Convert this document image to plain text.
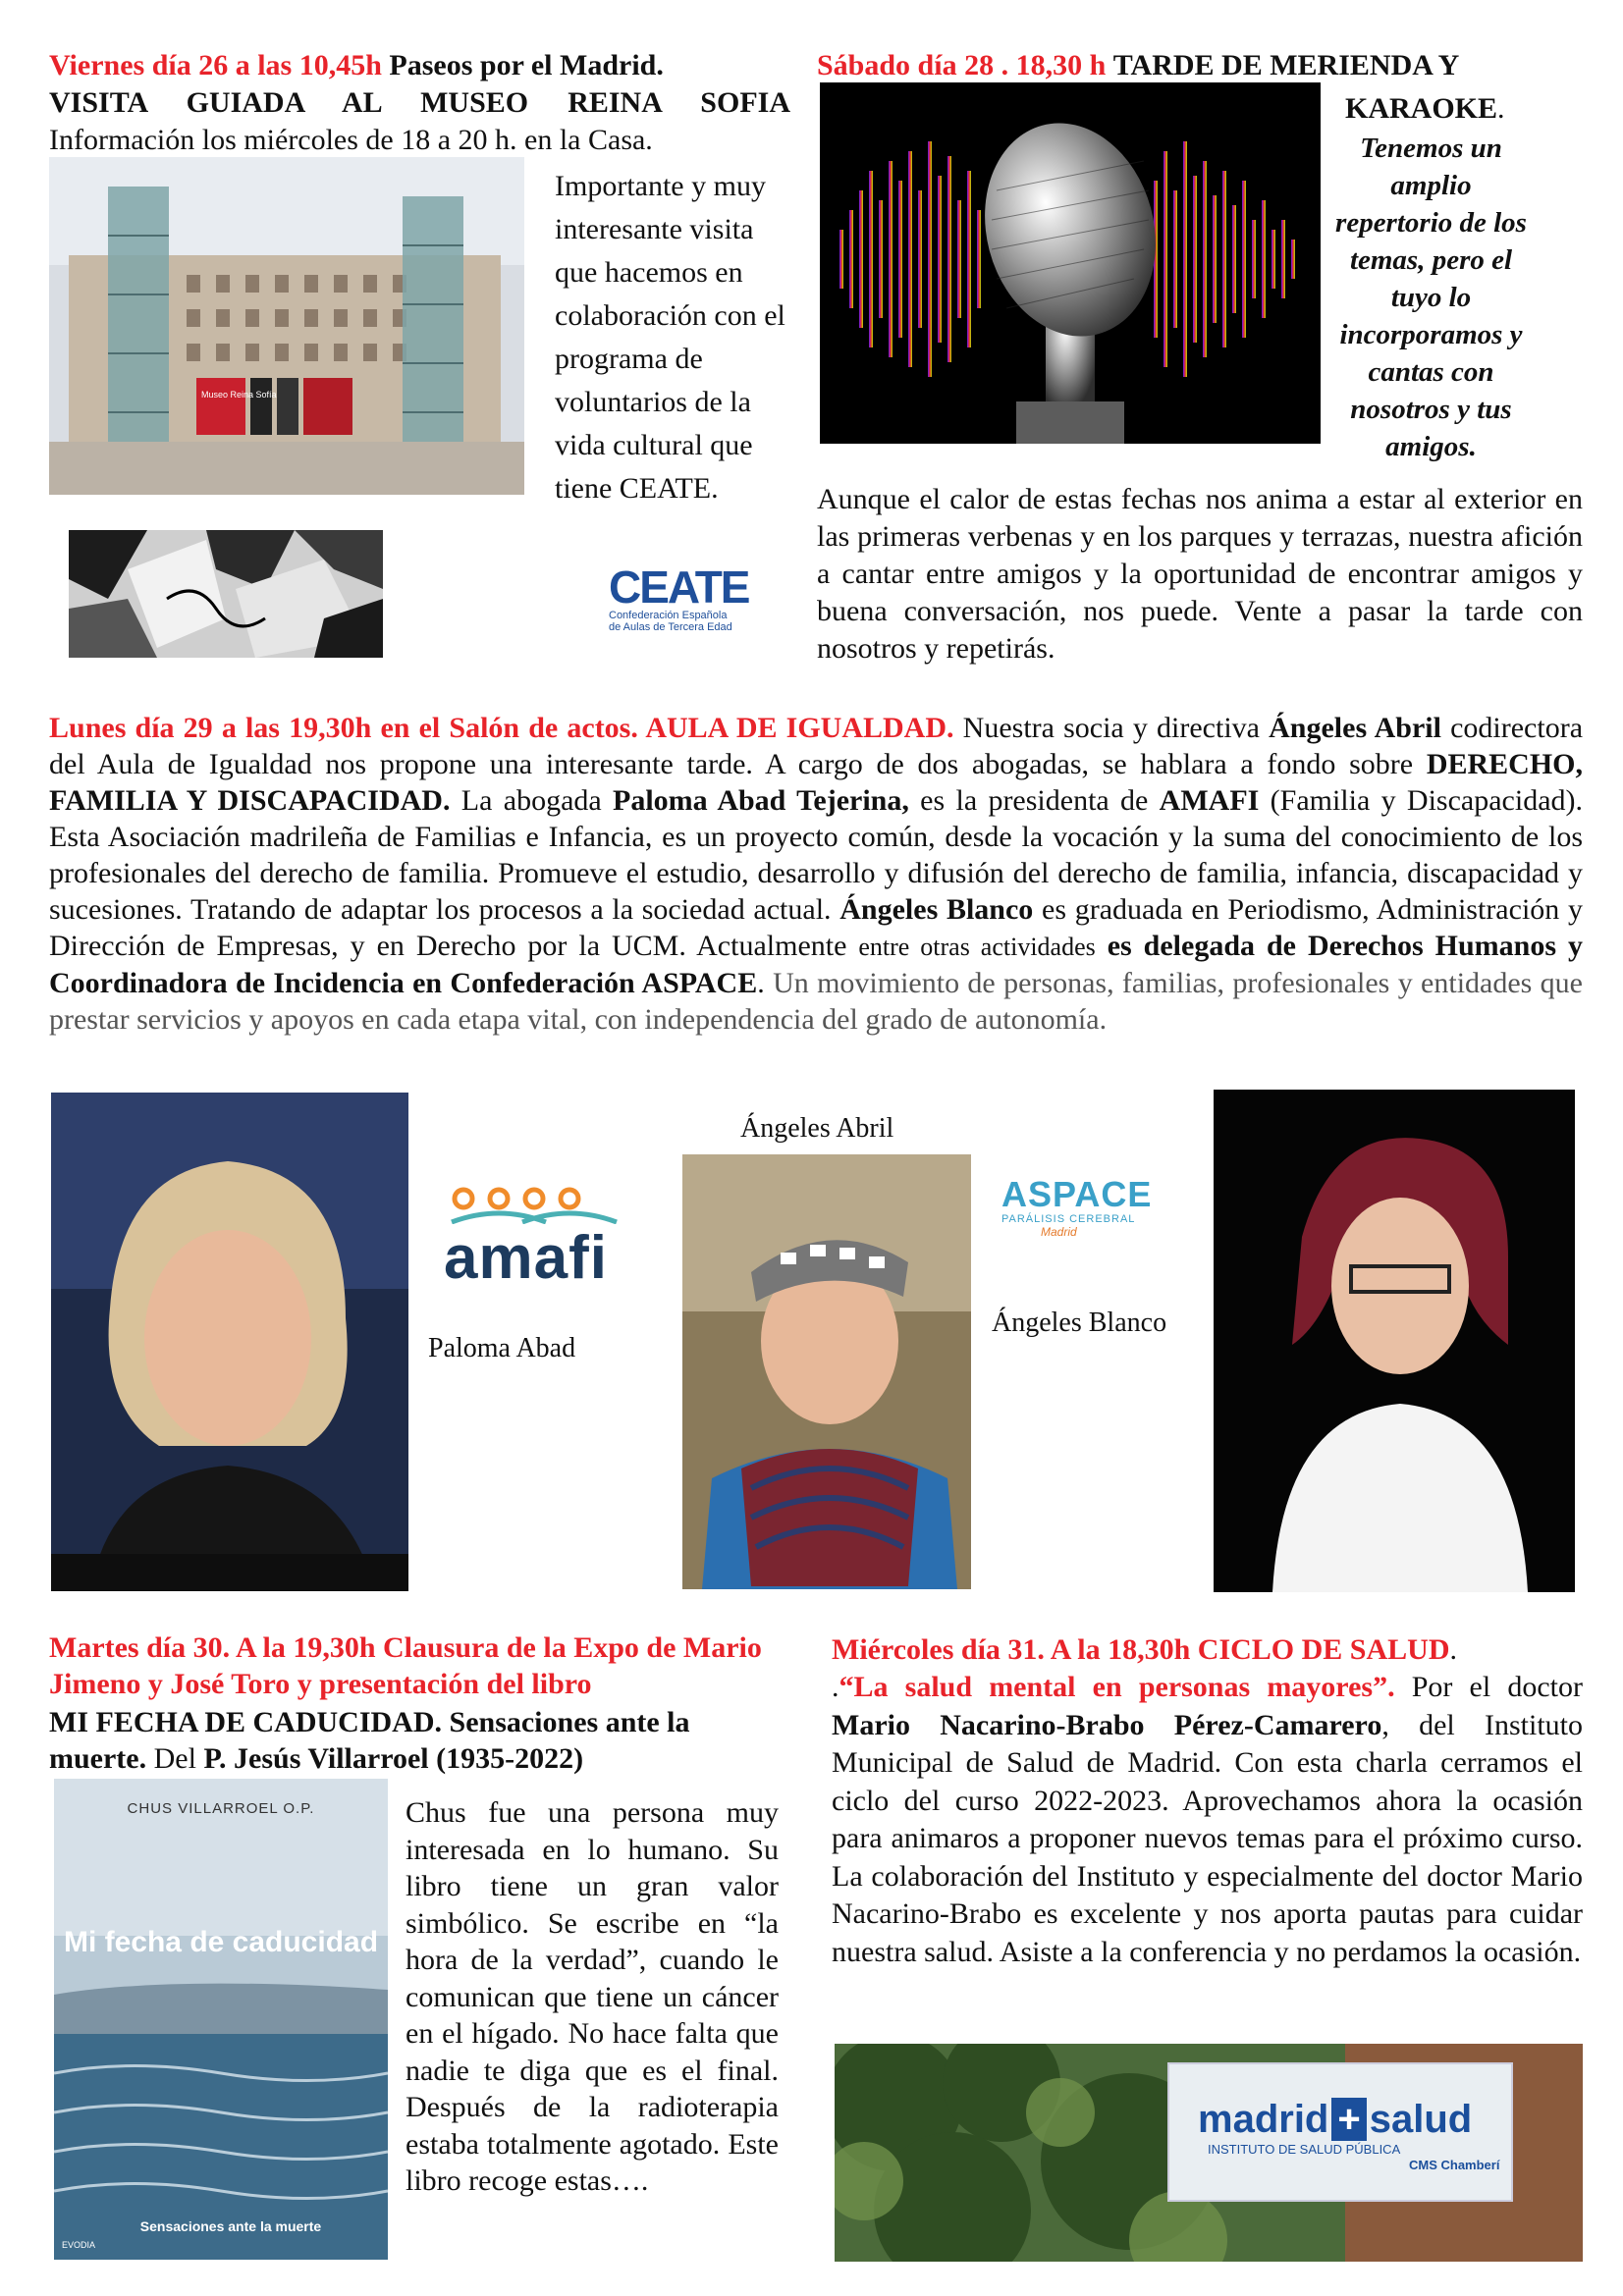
Viernes día 26 a las 10,45h Paseos por el Madrid.
VISITA GUIADA AL MUSEO REINA SOFIA
Información los miércoles de 18 a 20 h. en la Casa.
Museo Reina Sofía
Importante y muy interesante visita que hacemos en colaboración con el programa de voluntarios de la vida cultural que tiene CEATE.
CEATE
Confederación Española
de Aulas de Tercera Edad
Sábado día 28 . 18,30 h TARDE DE MERIENDA Y
KARAOKE.
Tenemos un amplio repertorio de los temas, pero el tuyo lo incorporamos y cantas con nosotros y tus amigos.
Aunque el calor de estas fechas nos anima a estar al exterior en las primeras verbenas y en los parques y terrazas, nuestra afición a cantar entre amigos y la oportunidad de encontrar amigos y buena conversación, nos puede. Vente a pasar la tarde con nosotros y repetirás.
Lunes día 29 a las 19,30h en el Salón de actos. AULA DE IGUALDAD. Nuestra socia y directiva Ángeles Abril codirectora del Aula de Igualdad nos propone una interesante tarde. A cargo de dos abogadas, se hablara a fondo sobre DERECHO, FAMILIA Y DISCAPACIDAD. La abogada Paloma Abad Tejerina, es la presidenta de AMAFI (Familia y Discapacidad). Esta Asociación madrileña de Familias e Infancia, es un proyecto común, desde la vocación y la suma del conocimiento de los profesionales del derecho de familia. Promueve el estudio, desarrollo y difusión del derecho de familia, infancia, discapacidad y sucesiones. Tratando de adaptar los procesos a la sociedad actual. Ángeles Blanco es graduada en Periodismo, Administración y Dirección de Empresas, y en Derecho por la UCM. Actualmente entre otras actividades es delegada de Derechos Humanos y Coordinadora de Incidencia en Confederación ASPACE. Un movimiento de personas, familias, profesionales y entidades que prestar servicios y apoyos en cada etapa vital, con independencia del grado de autonomía.
amafi
Paloma Abad
Ángeles Abril
ASPACE
PARÁLISIS CEREBRAL
Madrid
Ángeles Blanco
Martes día 30. A la 19,30h Clausura de la Expo de Mario Jimeno y José Toro y presentación del libro
MI FECHA DE CADUCIDAD. Sensaciones ante la muerte. Del P. Jesús Villarroel (1935-2022)
CHUS VILLARROEL O.P.
Mi fecha de caducidad
Sensaciones ante la muerte
EVODIA
Chus fue una persona muy interesada en lo humano. Su libro tiene un gran valor simbólico. Se escribe en “la hora de la verdad”, cuando le comunican que tiene un cáncer en el hígado. No hace falta que nadie te diga que es el final. Después de la radioterapia estaba totalmente agotado. Este libro recoge estas….
Miércoles día 31. A la 18,30h CICLO DE SALUD.
.“La salud mental en personas mayores”. Por el doctor Mario Nacarino-Brabo Pérez-Camarero, del Instituto Municipal de Salud de Madrid. Con esta charla cerramos el ciclo del curso 2022-2023. Aprovechamos ahora la ocasión para animaros a proponer nuevos temas para el próximo curso. La colaboración del Instituto y especialmente del doctor Mario Nacarino-Brabo es excelente y nos aporta pautas para cuidar nuestra salud. Asiste a la conferencia y no perdamos la ocasión.
madrid + salud
INSTITUTO DE SALUD PÚBLICA
CMS Chamberí
